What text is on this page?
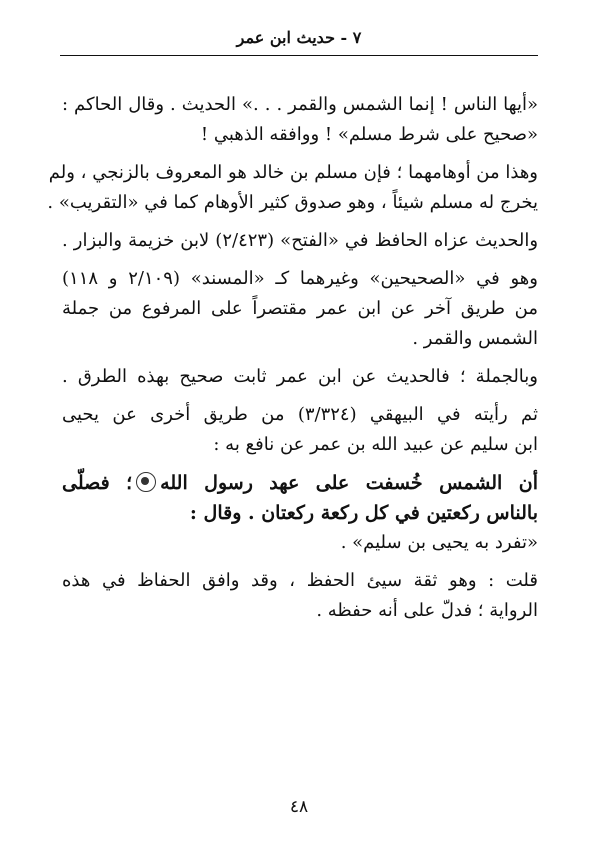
٧ - حديث ابن عمر
«أيها الناس ! إنما الشمس والقمر . . .» الحديث . وقال الحاكم :
«صحيح على شرط مسلم» ! ووافقه الذهبي !
وهذا من أوهامهما ؛ فإن مسلم بن خالد هو المعروف بالزنجي ، ولم
يخرج له مسلم شيئاً ، وهو صدوق كثير الأوهام كما في «التقريب» .
والحديث عزاه الحافظ في «الفتح» (٢/٤٢٣) لابن خزيمة والبزار .
وهو في «الصحيحين» وغيرهما كـ «المسند» (٢/١٠٩ و ١١٨)
من طريق آخر عن ابن عمر مقتصراً على المرفوع من جملة
الشمس والقمر .
وبالجملة ؛ فالحديث عن ابن عمر ثابت صحيح بهذه الطرق .
ثم رأيته في البيهقي (٣/٣٢٤) من طريق أخرى عن يحيى
ابن سليم عن عبيد الله بن عمر عن نافع به :
أن الشمس خُسفت على عهد رسول الله؛ فصلّى
بالناس ركعتين في كل ركعة ركعتان . وقال :
«تفرد به يحيى بن سليم» .
قلت : وهو ثقة سيئ الحفظ ، وقد وافق الحفاظ في هذه
الرواية ؛ فدلّ على أنه حفظه .
٤٨
